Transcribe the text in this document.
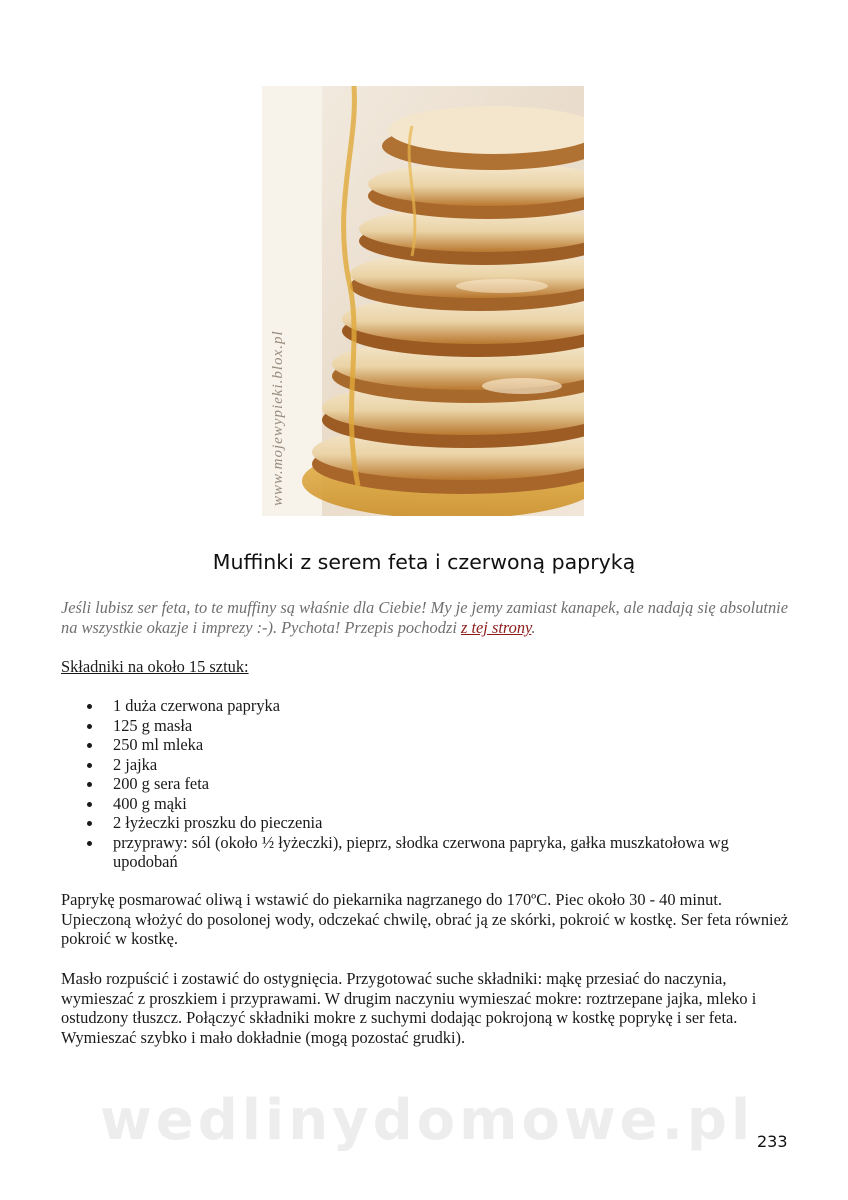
www.mojewypieki.blox.pl
Muffinki z serem feta i czerwoną papryką

Jeśli lubisz ser feta, to te muffiny są właśnie dla Ciebie! My je jemy zamiast kanapek, ale nadają się absolutnie na wszystkie okazje i imprezy :-). Pychota! Przepis pochodzi z tej strony.

Składniki na około 15 sztuk:
1 duża czerwona papryka
125 g masła
250 ml mleka
2 jajka
200 g sera feta
400 g mąki
2 łyżeczki proszku do pieczenia
przyprawy: sól (około ½ łyżeczki), pieprz, słodka czerwona papryka, gałka muszkatołowa wg upodobań

Paprykę posmarować oliwą i wstawić do piekarnika nagrzanego do 170ºC. Piec około 30 - 40 minut. Upieczoną włożyć do posolonej wody, odczekać chwilę, obrać ją ze skórki, pokroić w kostkę. Ser feta również pokroić w kostkę.

Masło rozpuścić i zostawić do ostygnięcia. Przygotować suche składniki: mąkę przesiać do naczynia, wymieszać z proszkiem i przyprawami. W drugim naczyniu wymieszać mokre: roztrzepane jajka, mleko i ostudzony tłuszcz. Połączyć składniki mokre z suchymi dodając pokrojoną w kostkę poprykę i ser feta. Wymieszać szybko i mało dokładnie (mogą pozostać grudki).

wedlinydomowe.pl 233
